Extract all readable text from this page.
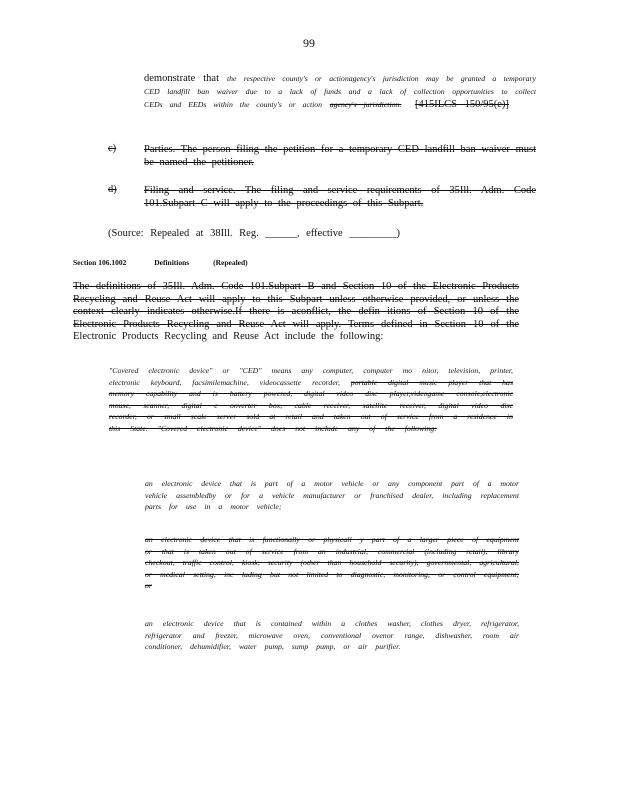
99
demonstrate that the respective county's or actionagency's jurisdiction may be granted a temporary CED landfill ban waiver due to a lack of funds and a lack of collection opportunities to collect CEDs and EEDs within the county's or action agency's jurisdiction. [415ILCS 150/95(e)]
c)	Parties. The person filing the petition for a temporary CED landfill ban waiver must be named the petitioner.
d)	Filing and service. The filing and service requirements of 35Ill. Adm. Code 101.Subpart C will apply to the proceedings of this Subpart.
(Source: Repealed at 38Ill. Reg. ______, effective _________)
Section 106.1002	Definitions	(Repealed)
The definitions of 35Ill. Adm. Code 101.Subpart B and Section 10 of the Electronic Products Recycling and Reuse Act will apply to this Subpart unless otherwise provided, or unless the context clearly indicates otherwise.If there is aconflict, the defin itions of Section 10 of the Electronic Products Recycling and Reuse Act will apply. Terms defined in Section 10 of the Electronic Products Recycling and Reuse Act include the following:
"Covered electronic device" or "CED" means any computer, computer mo nitor, television, printer, electronic keyboard, facsimilemachine, videocassette recorder, portable digital music player that has memory capability and is battery powered, digital video disc player,videogame console,electronic mouse, scanner, digital c onverter box, cable receiver, satellite receiver, digital video disc recorder, or small scale server sold at retail and taken out of service from a residence in this State. "Covered electronic device" does not include any of the following:
an electronic device that is part of a motor vehicle or any component part of a motor vehicle assembledby or for a vehicle manufacturer or franchised dealer, including replacement parts for use in a motor vehicle;
an electronic device that is functionally or physicall y part of a larger piece of equipment or that is taken out of service from an industrial, commercial (including retail), library checkout, traffic control, kiosk, security (other than household security), governmental, agricultural, or medical setting, inc luding but not limited to diagnostic, monitoring, or control equipment; or
an electronic device that is contained within a clothes washer, clothes dryer, refrigerator, refrigerator and freezer, microwave oven, conventional ovenor range, dishwasher, room air conditioner, dehumidifier, water pump, sump pump, or air purifier.
